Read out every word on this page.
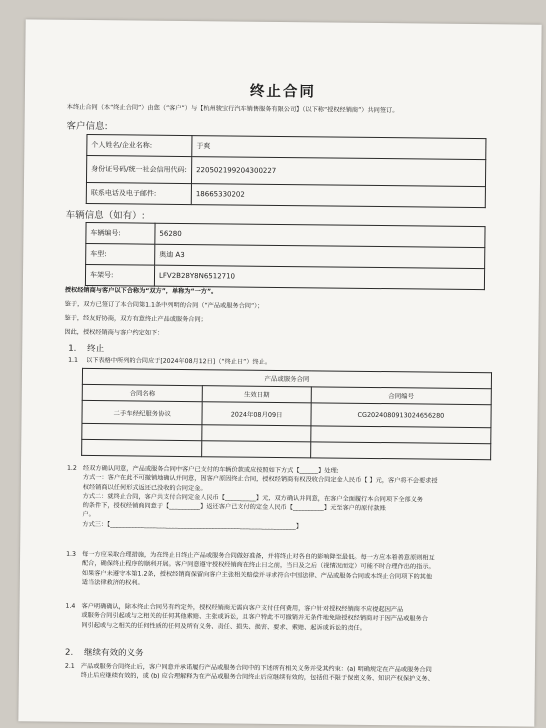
终止合同
本终止合同（本“终止合同”）由您（“客户”）与【杭州骏宝行汽车销售服务有限公司】（以下称“授权经销商”）共同签订。
客户信息:
个人姓名/企业名称:	于爽
身份证号码/统一社会信用代码:	220502199204300227
联系电话及电子邮件:	18665330202
车辆信息（如有）:
车辆编号:	56280
车型:	奥迪 A3
车架号:	LFV2B28Y8N6512710
授权经销商与客户以下合称为“双方”，单称为“一方”。
鉴于，双方已签订了本合同第1.1条中列明的合同（“产品或服务合同”）；
鉴于，经友好协商，双方有意终止产品或服务合同；
因此，授权经销商与客户约定如下：
1. 终止
1.1 以下表格中所列的合同应于[2024年08月12日]（“终止日”）终止。
产品或服务合同		
合同名称	生效日期	合同编号
二手车经纪服务协议	2024年08月09日	CG20240809130246562​80

1.2 经双方确认同意，产品或服务合同中客户已支付的车辆价款或应按照如下方式【______】处理:
方式一：客户在此不可撤销地确认并同意，因客户原因终止合同，授权经销商有权没收合同定金人民币【 】元，客户将不会要求授
权经销商以任何形式返还已没收的合同定金。
方式二：就终止合同，客户共支付合同定金人民币【__________】元，双方确认并同意，在客户全面履行本合同项下全部义务
的条件下，授权经销商同意于【__________】返还客户已支付的定金人民币【__________】元至客户的原付款账
户。
方式三：【____________________________________________________________】
1.3 每一方应采取合理措施，为在终止日终止产品或服务合同做好准备，并将终止对各自的影响降至最低。每一方应本着善意原则相互
配合，确保终止程序的顺利开展。客户同意遵守授权经销商在终止日之前，当日及之后（视情况而定）可能不时合理作出的指示。
如果客户未遵守本第1.2条，授权经销商保留向客户主张相关赔偿并寻求符合中国法律、产品或服务合同或本终止合同项下的其他
适当法律救济的权利。
1.4 客户明确确认，除本终止合同另有约定外，授权经销商无需向客户支付任何费用，客户针对授权经销商不应提起因产品
或服务合同引起或与之相关的任何其他索赔、主张或诉讼，且客户特此不可撤销并无条件地免除授权经销商对于因产品或服务合
同引起或与之相关的任何性质的任何及所有义务、责任、损失、损害、要求、索赔、起诉或诉讼的责任。
2. 继续有效的义务
2.1 产品或服务合同终止后，客户同意并承诺履行产品或服务合同中的下述所有相关义务并受其约束：(a) 明确规定在产品或服务合同
终止后应继续有效的，或 (b) 应合理解释为在产品或服务合同终止后应继续有效的，包括但不限于保密义务、知识产权保护义务、
